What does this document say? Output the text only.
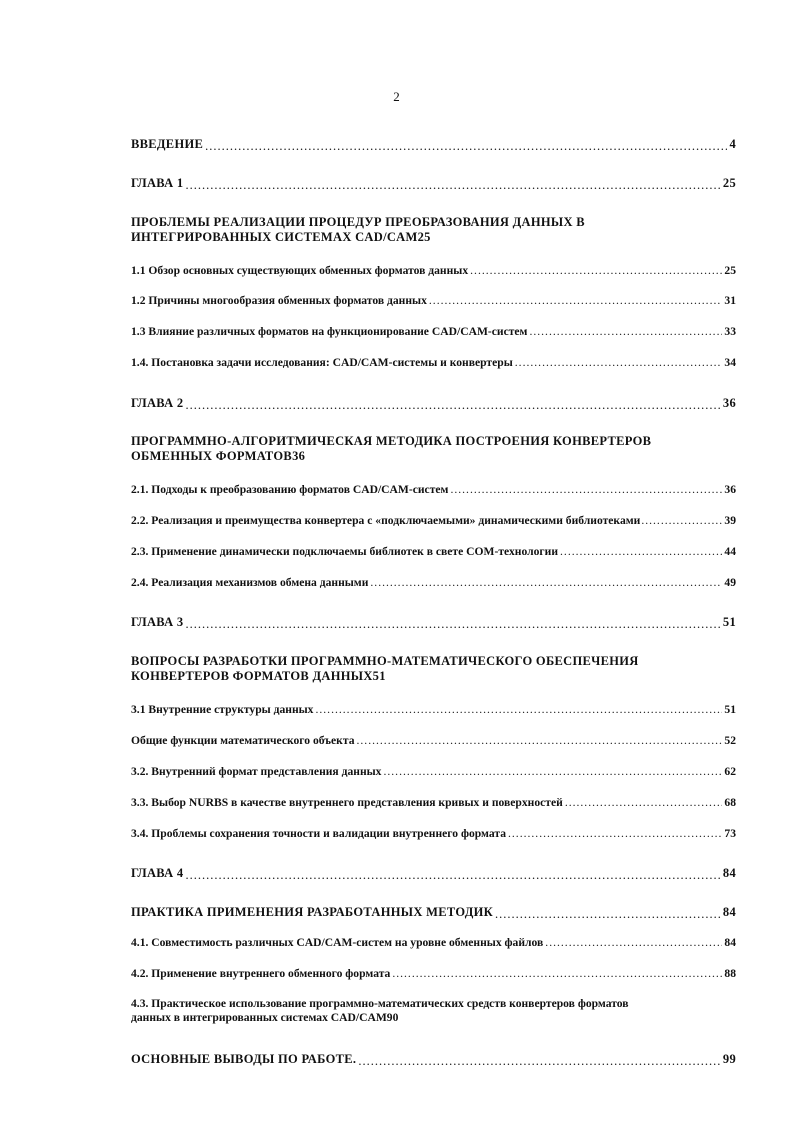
2
ВВЕДЕНИЕ .....	4
ГЛАВА 1 .....	25
ПРОБЛЕМЫ РЕАЛИЗАЦИИ ПРОЦЕДУР ПРЕОБРАЗОВАНИЯ ДАННЫХ В
ИНТЕГРИРОВАННЫХ СИСТЕМАХ CAD/CAM 25
1.1 Обзор основных существующих обменных форматов данных .....	25
1.2 Причины многообразия обменных форматов данных .....	31
1.3 Влияние различных форматов на функционирование CAD/CAM-систем .....	33
1.4. Постановка задачи исследования: CAD/CAM-системы и конвертеры .....	34
ГЛАВА 2 .....	36
ПРОГРАММНО-АЛГОРИТМИЧЕСКАЯ МЕТОДИКА ПОСТРОЕНИЯ КОНВЕРТЕРОВ
ОБМЕННЫХ ФОРМАТОВ 36
2.1. Подходы к преобразованию форматов CAD/CAM-систем .....	36
2.2. Реализация и преимущества конвертера с «подключаемыми» динамическими библиотеками .....	39
2.3. Применение динамически подключаемы библиотек в свете COM-технологии .....	44
2.4. Реализация механизмов обмена данными .....	49
ГЛАВА 3 .....	51
ВОПРОСЫ РАЗРАБОТКИ ПРОГРАММНО-МАТЕМАТИЧЕСКОГО ОБЕСПЕЧЕНИЯ
КОНВЕРТЕРОВ ФОРМАТОВ ДАННЫХ 51
3.1 Внутренние структуры данных .....	51
Общие функции математического объекта .....	52
3.2. Внутренний формат представления данных .....	62
3.3. Выбор NURBS в качестве внутреннего представления кривых и поверхностей .....	68
3.4. Проблемы сохранения точности и валидации внутреннего формата .....	73
ГЛАВА 4 .....	84
ПРАКТИКА ПРИМЕНЕНИЯ РАЗРАБОТАННЫХ МЕТОДИК .....	84
4.1. Совместимость различных CAD/CAM-систем на уровне обменных файлов .....	84
4.2. Применение внутреннего обменного формата .....	88
4.3. Практическое использование программно-математических средств конвертеров форматов
данных в интегрированных системах CAD/CAM 90
ОСНОВНЫЕ ВЫВОДЫ ПО РАБОТЕ. .....	99
